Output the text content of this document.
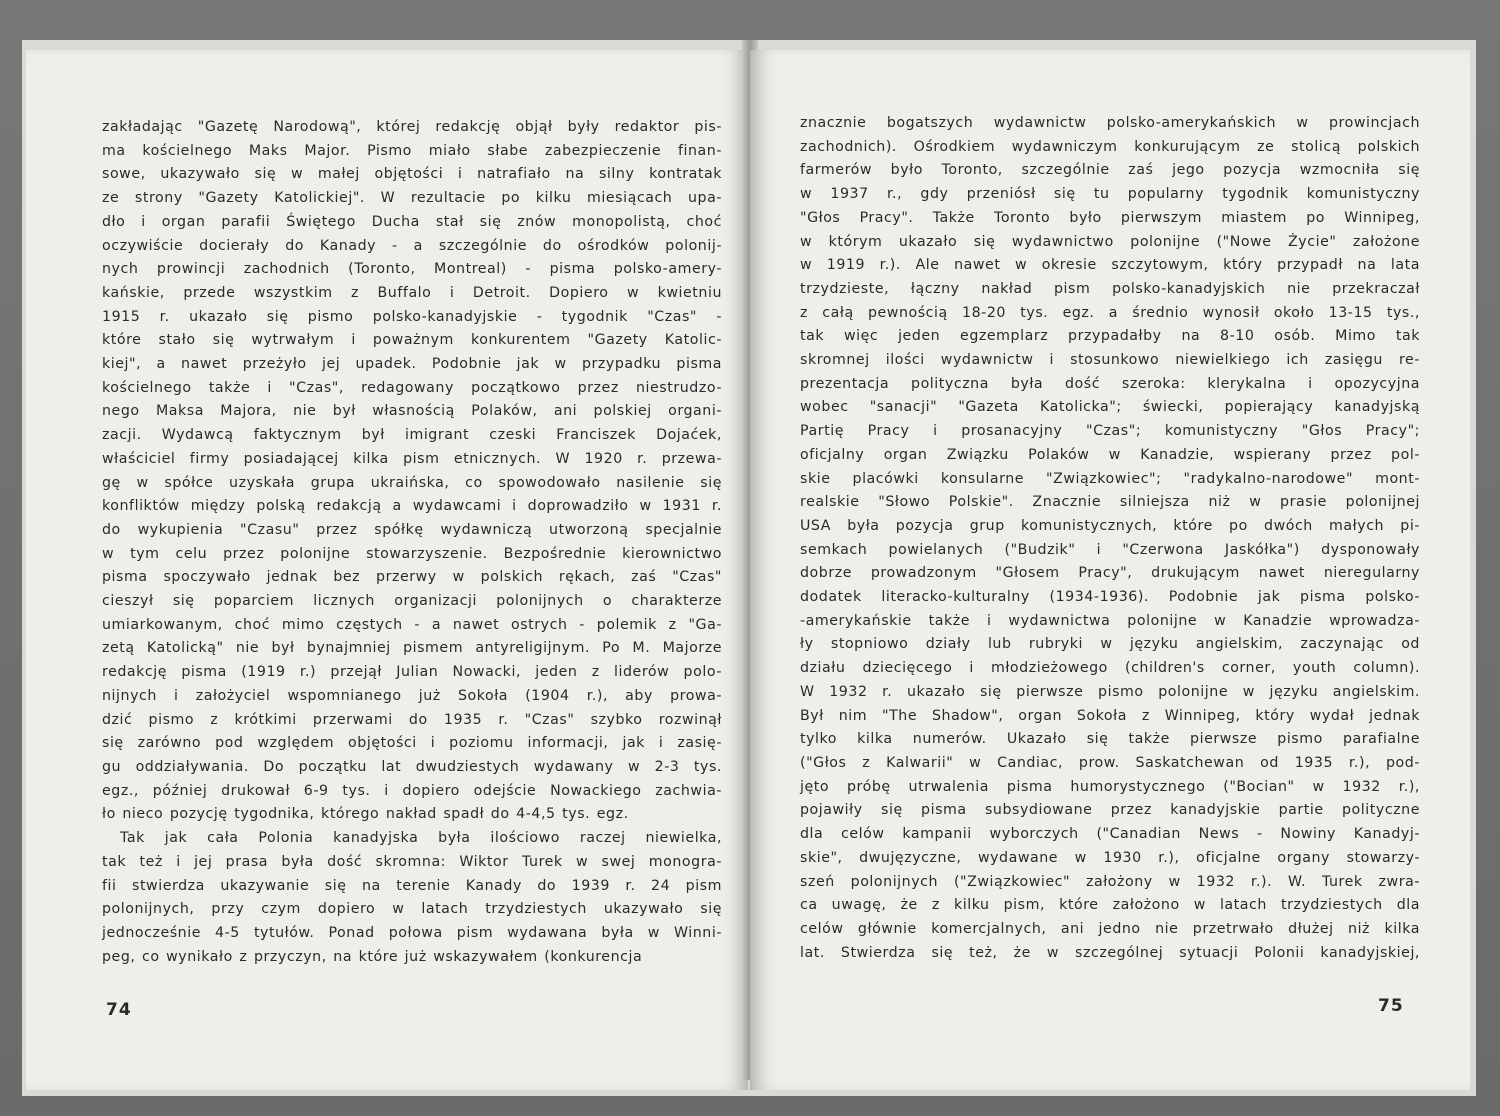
zakładając "Gazetę Narodową", której redakcję objął były redaktor pis-
ma kościelnego Maks Major. Pismo miało słabe zabezpieczenie finan-
sowe, ukazywało się w małej objętości i natrafiało na silny kontratak
ze strony "Gazety Katolickiej". W rezultacie po kilku miesiącach upa-
dło i organ parafii Świętego Ducha stał się znów monopolistą, choć
oczywiście docierały do Kanady - a szczególnie do ośrodków polonij-
nych prowincji zachodnich (Toronto, Montreal) - pisma polsko-amery-
kańskie, przede wszystkim z Buffalo i Detroit. Dopiero w kwietniu
1915 r. ukazało się pismo polsko-kanadyjskie - tygodnik "Czas" -
które stało się wytrwałym i poważnym konkurentem "Gazety Katolic-
kiej", a nawet przeżyło jej upadek. Podobnie jak w przypadku pisma
kościelnego także i "Czas", redagowany początkowo przez niestrudzo-
nego Maksa Majora, nie był własnością Polaków, ani polskiej organi-
zacji. Wydawcą faktycznym był imigrant czeski Franciszek Dojaćek,
właściciel firmy posiadającej kilka pism etnicznych. W 1920 r. przewa-
gę w spółce uzyskała grupa ukraińska, co spowodowało nasilenie się
konfliktów między polską redakcją a wydawcami i doprowadziło w 1931 r.
do wykupienia "Czasu" przez spółkę wydawniczą utworzoną specjalnie
w tym celu przez polonijne stowarzyszenie. Bezpośrednie kierownictwo
pisma spoczywało jednak bez przerwy w polskich rękach, zaś "Czas"
cieszył się poparciem licznych organizacji polonijnych o charakterze
umiarkowanym, choć mimo częstych - a nawet ostrych - polemik z "Ga-
zetą Katolicką" nie był bynajmniej pismem antyreligijnym. Po M. Majorze
redakcję pisma (1919 r.) przejął Julian Nowacki, jeden z liderów polo-
nijnych i założyciel wspomnianego już Sokoła (1904 r.), aby prowa-
dzić pismo z krótkimi przerwami do 1935 r. "Czas" szybko rozwinął
się zarówno pod względem objętości i poziomu informacji, jak i zasię-
gu oddziaływania. Do początku lat dwudziestych wydawany w 2-3 tys.
egz., później drukował 6-9 tys. i dopiero odejście Nowackiego zachwia-
ło nieco pozycję tygodnika, którego nakład spadł do 4-4,5 tys. egz.
Tak jak cała Polonia kanadyjska była ilościowo raczej niewielka,
tak też i jej prasa była dość skromna: Wiktor Turek w swej monogra-
fii stwierdza ukazywanie się na terenie Kanady do 1939 r. 24 pism
polonijnych, przy czym dopiero w latach trzydziestych ukazywało się
jednocześnie 4-5 tytułów. Ponad połowa pism wydawana była w Winni-
peg, co wynikało z przyczyn, na które już wskazywałem (konkurencja
74
znacznie bogatszych wydawnictw polsko-amerykańskich w prowincjach
zachodnich). Ośrodkiem wydawniczym konkurującym ze stolicą polskich
farmerów było Toronto, szczególnie zaś jego pozycja wzmocniła się
w 1937 r., gdy przeniósł się tu popularny tygodnik komunistyczny
"Głos Pracy". Także Toronto było pierwszym miastem po Winnipeg,
w którym ukazało się wydawnictwo polonijne ("Nowe Życie" założone
w 1919 r.). Ale nawet w okresie szczytowym, który przypadł na lata
trzydzieste, łączny nakład pism polsko-kanadyjskich nie przekraczał
z całą pewnością 18-20 tys. egz. a średnio wynosił około 13-15 tys.,
tak więc jeden egzemplarz przypadałby na 8-10 osób. Mimo tak
skromnej ilości wydawnictw i stosunkowo niewielkiego ich zasięgu re-
prezentacja polityczna była dość szeroka: klerykalna i opozycyjna
wobec "sanacji" "Gazeta Katolicka"; świecki, popierający kanadyjską
Partię Pracy i prosanacyjny "Czas"; komunistyczny "Głos Pracy";
oficjalny organ Związku Polaków w Kanadzie, wspierany przez pol-
skie placówki konsularne "Związkowiec"; "radykalno-narodowe" mont-
realskie "Słowo Polskie". Znacznie silniejsza niż w prasie polonijnej
USA była pozycja grup komunistycznych, które po dwóch małych pi-
semkach powielanych ("Budzik" i "Czerwona Jaskółka") dysponowały
dobrze prowadzonym "Głosem Pracy", drukującym nawet nieregularny
dodatek literacko-kulturalny (1934-1936). Podobnie jak pisma polsko-
-amerykańskie także i wydawnictwa polonijne w Kanadzie wprowadza-
ły stopniowo działy lub rubryki w języku angielskim, zaczynając od
działu dziecięcego i młodzieżowego (children's corner, youth column).
W 1932 r. ukazało się pierwsze pismo polonijne w języku angielskim.
Był nim "The Shadow", organ Sokoła z Winnipeg, który wydał jednak
tylko kilka numerów. Ukazało się także pierwsze pismo parafialne
("Głos z Kalwarii" w Candiac, prow. Saskatchewan od 1935 r.), pod-
jęto próbę utrwalenia pisma humorystycznego ("Bocian" w 1932 r.),
pojawiły się pisma subsydiowane przez kanadyjskie partie polityczne
dla celów kampanii wyborczych ("Canadian News - Nowiny Kanadyj-
skie", dwujęzyczne, wydawane w 1930 r.), oficjalne organy stowarzy-
szeń polonijnych ("Związkowiec" założony w 1932 r.). W. Turek zwra-
ca uwagę, że z kilku pism, które założono w latach trzydziestych dla
celów głównie komercjalnych, ani jedno nie przetrwało dłużej niż kilka
lat. Stwierdza się też, że w szczególnej sytuacji Polonii kanadyjskiej,
75
